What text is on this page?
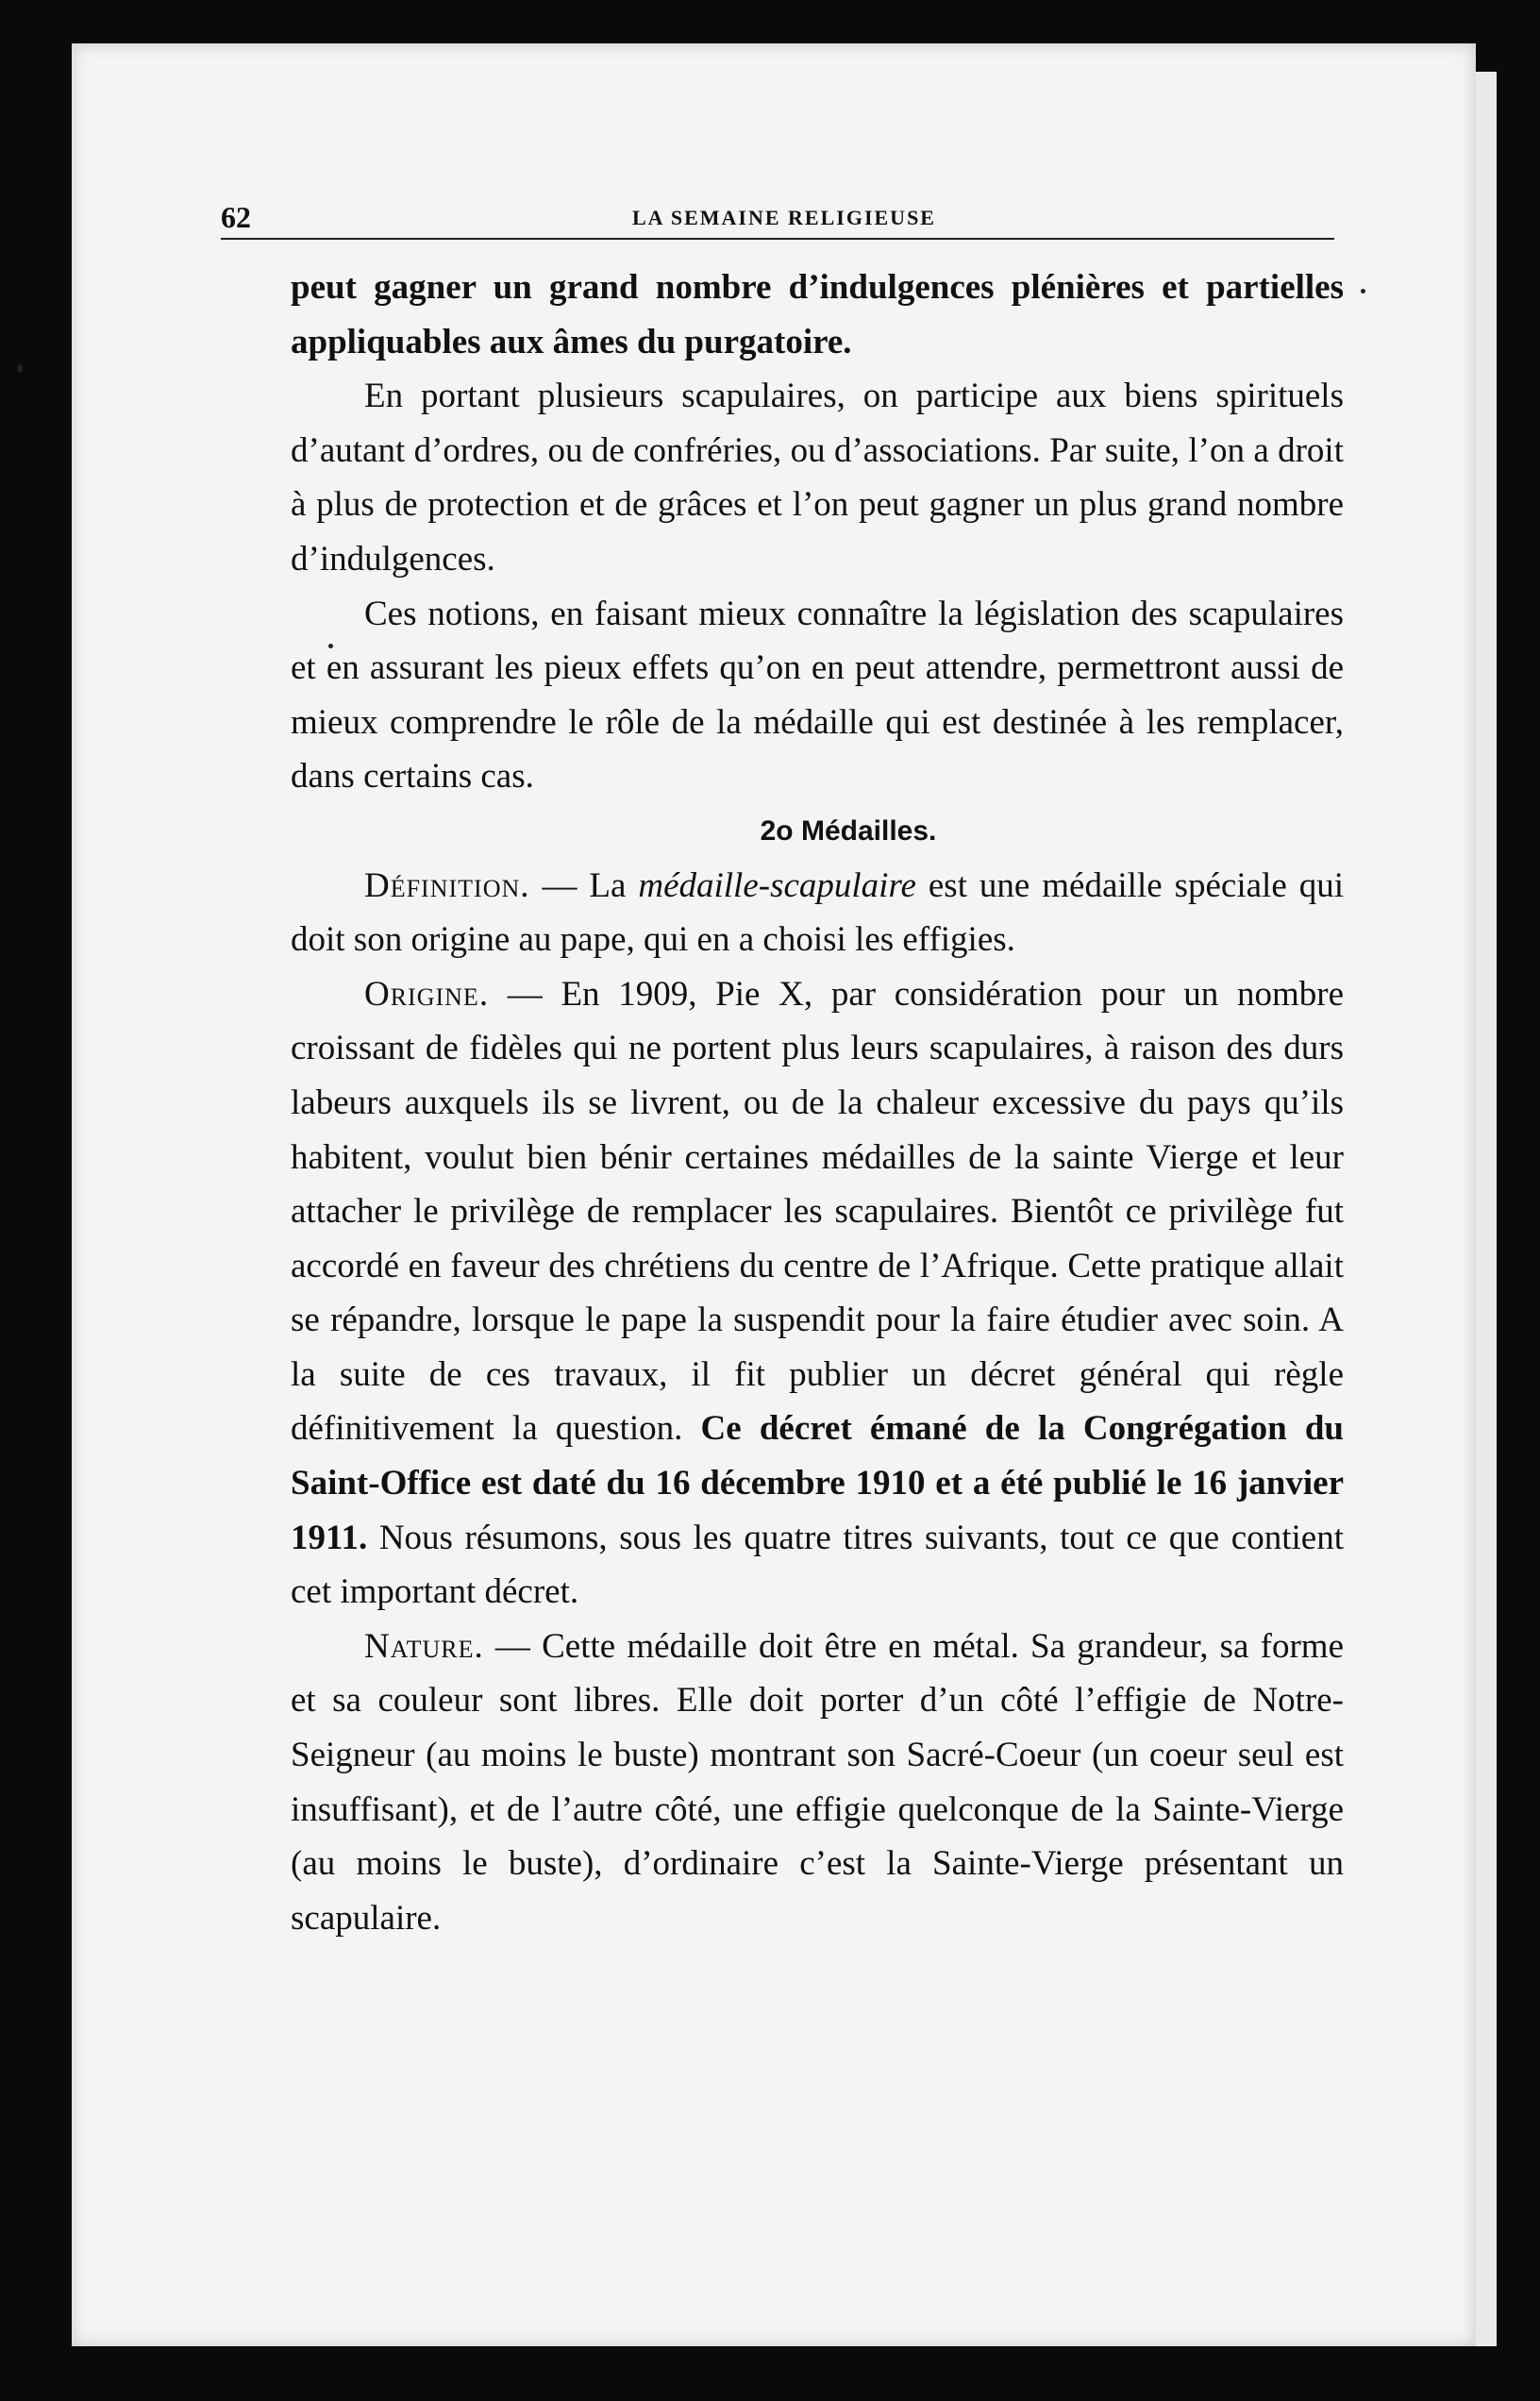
62	LA SEMAINE RELIGIEUSE

peut gagner un grand nombre d’indulgences plénières et partielles appliquables aux âmes du purgatoire.

En portant plusieurs scapulaires, on participe aux biens spirituels d’autant d’ordres, ou de confréries, ou d’associations. Par suite, l’on a droit à plus de protection et de grâces et l’on peut gagner un plus grand nombre d’indulgences.

Ces notions, en faisant mieux connaître la législation des scapulaires et en assurant les pieux effets qu’on en peut attendre, permettront aussi de mieux comprendre le rôle de la médaille qui est destinée à les remplacer, dans certains cas.

2o Médailles.

Définition. — La médaille-scapulaire est une médaille spéciale qui doit son origine au pape, qui en a choisi les effigies.

Origine. — En 1909, Pie X, par considération pour un nombre croissant de fidèles qui ne portent plus leurs scapulaires, à raison des durs labeurs auxquels ils se livrent, ou de la chaleur excessive du pays qu’ils habitent, voulut bien bénir certaines médailles de la sainte Vierge et leur attacher le privilège de remplacer les scapulaires. Bientôt ce privilège fut accordé en faveur des chrétiens du centre de l’Afrique. Cette pratique allait se répandre, lorsque le pape la suspendit pour la faire étudier avec soin. A la suite de ces travaux, il fit publier un décret général qui règle définitivement la question. Ce décret émané de la Congrégation du Saint-Office est daté du 16 décembre 1910 et a été publié le 16 janvier 1911. Nous résumons, sous les quatre titres suivants, tout ce que contient cet important décret.

Nature. — Cette médaille doit être en métal. Sa grandeur, sa forme et sa couleur sont libres. Elle doit porter d’un côté l’effigie de Notre-Seigneur (au moins le buste) montrant son Sacré-Coeur (un coeur seul est insuffisant), et de l’autre côté, une effigie quelconque de la Sainte-Vierge (au moins le buste), d’ordinaire c’est la Sainte-Vierge présentant un scapulaire.
